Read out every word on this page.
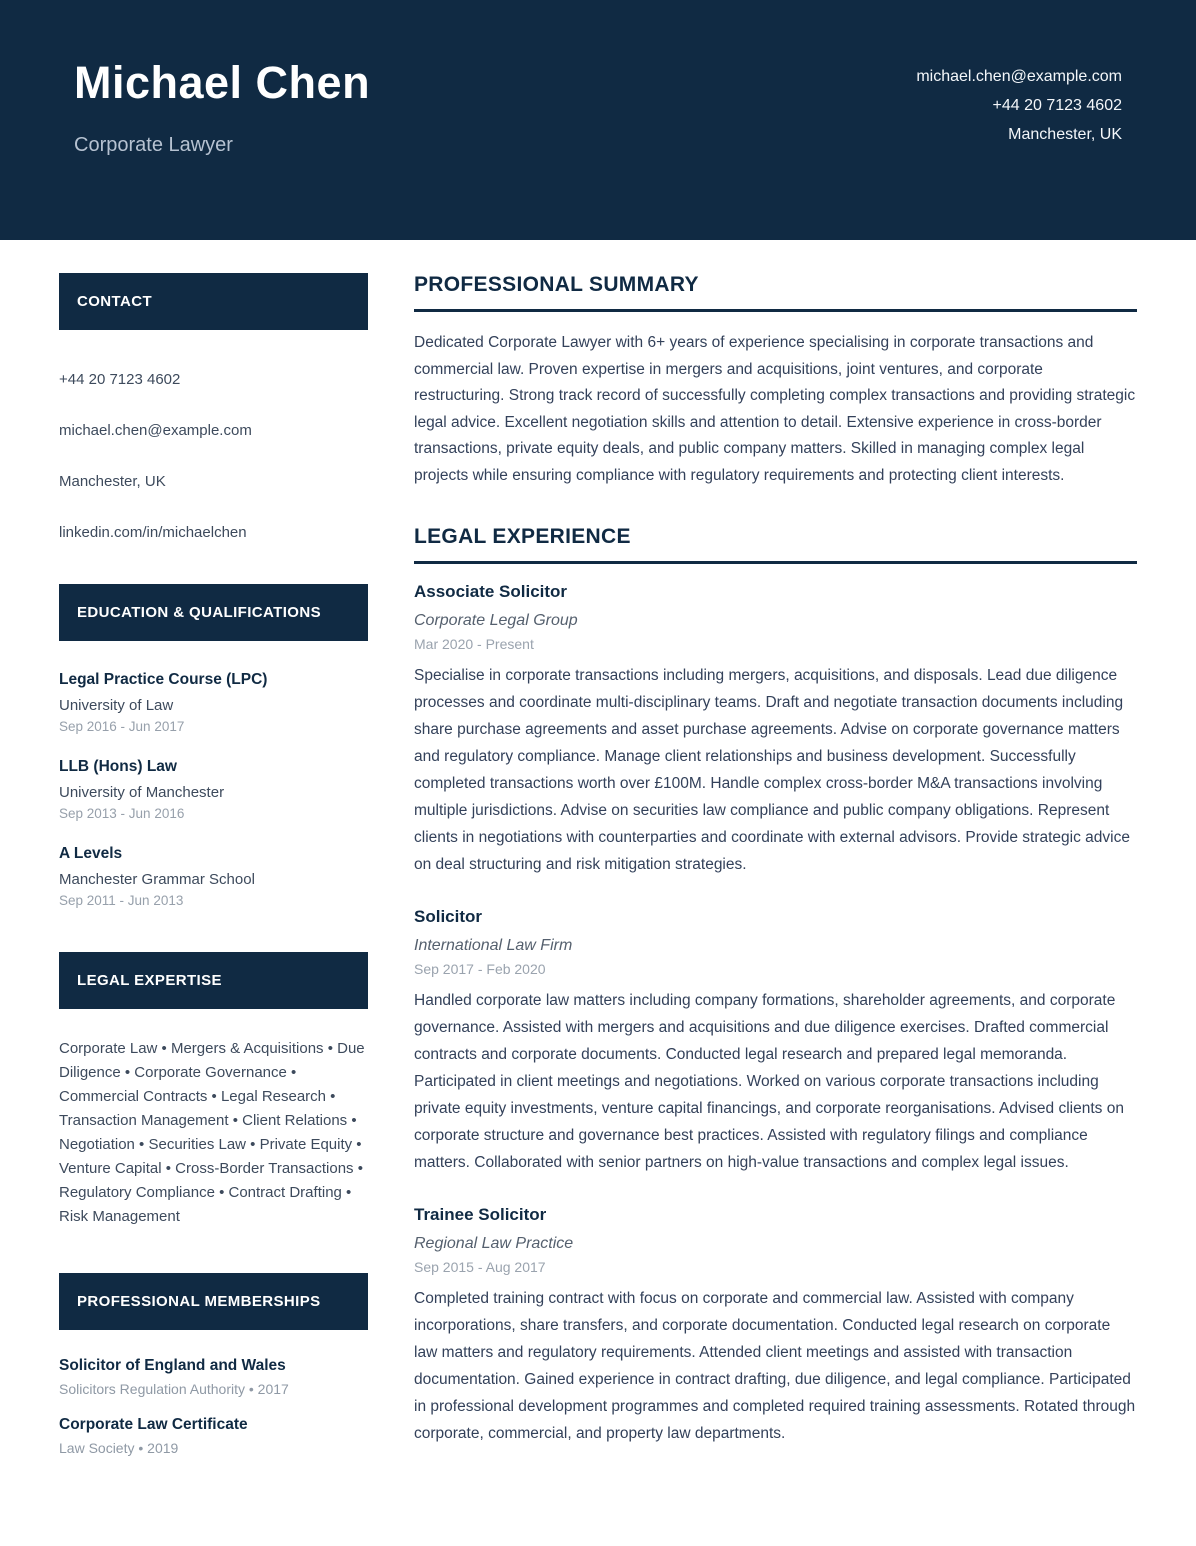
Michael Chen
Corporate Lawyer
michael.chen@example.com
+44 20 7123 4602
Manchester, UK
CONTACT
+44 20 7123 4602
michael.chen@example.com
Manchester, UK
linkedin.com/in/michaelchen
EDUCATION & QUALIFICATIONS
Legal Practice Course (LPC)
University of Law
Sep 2016 - Jun 2017
LLB (Hons) Law
University of Manchester
Sep 2013 - Jun 2016
A Levels
Manchester Grammar School
Sep 2011 - Jun 2013
LEGAL EXPERTISE
Corporate Law • Mergers & Acquisitions • Due Diligence • Corporate Governance • Commercial Contracts • Legal Research • Transaction Management • Client Relations • Negotiation • Securities Law • Private Equity • Venture Capital • Cross-Border Transactions • Regulatory Compliance • Contract Drafting • Risk Management
PROFESSIONAL MEMBERSHIPS
Solicitor of England and Wales
Solicitors Regulation Authority • 2017
Corporate Law Certificate
Law Society • 2019
PROFESSIONAL SUMMARY
Dedicated Corporate Lawyer with 6+ years of experience specialising in corporate transactions and commercial law. Proven expertise in mergers and acquisitions, joint ventures, and corporate restructuring. Strong track record of successfully completing complex transactions and providing strategic legal advice. Excellent negotiation skills and attention to detail. Extensive experience in cross-border transactions, private equity deals, and public company matters. Skilled in managing complex legal projects while ensuring compliance with regulatory requirements and protecting client interests.
LEGAL EXPERIENCE
Associate Solicitor
Corporate Legal Group
Mar 2020 - Present
Specialise in corporate transactions including mergers, acquisitions, and disposals. Lead due diligence processes and coordinate multi-disciplinary teams. Draft and negotiate transaction documents including share purchase agreements and asset purchase agreements. Advise on corporate governance matters and regulatory compliance. Manage client relationships and business development. Successfully completed transactions worth over £100M. Handle complex cross-border M&A transactions involving multiple jurisdictions. Advise on securities law compliance and public company obligations. Represent clients in negotiations with counterparties and coordinate with external advisors. Provide strategic advice on deal structuring and risk mitigation strategies.
Solicitor
International Law Firm
Sep 2017 - Feb 2020
Handled corporate law matters including company formations, shareholder agreements, and corporate governance. Assisted with mergers and acquisitions and due diligence exercises. Drafted commercial contracts and corporate documents. Conducted legal research and prepared legal memoranda. Participated in client meetings and negotiations. Worked on various corporate transactions including private equity investments, venture capital financings, and corporate reorganisations. Advised clients on corporate structure and governance best practices. Assisted with regulatory filings and compliance matters. Collaborated with senior partners on high-value transactions and complex legal issues.
Trainee Solicitor
Regional Law Practice
Sep 2015 - Aug 2017
Completed training contract with focus on corporate and commercial law. Assisted with company incorporations, share transfers, and corporate documentation. Conducted legal research on corporate law matters and regulatory requirements. Attended client meetings and assisted with transaction documentation. Gained experience in contract drafting, due diligence, and legal compliance. Participated in professional development programmes and completed required training assessments. Rotated through corporate, commercial, and property law departments.
